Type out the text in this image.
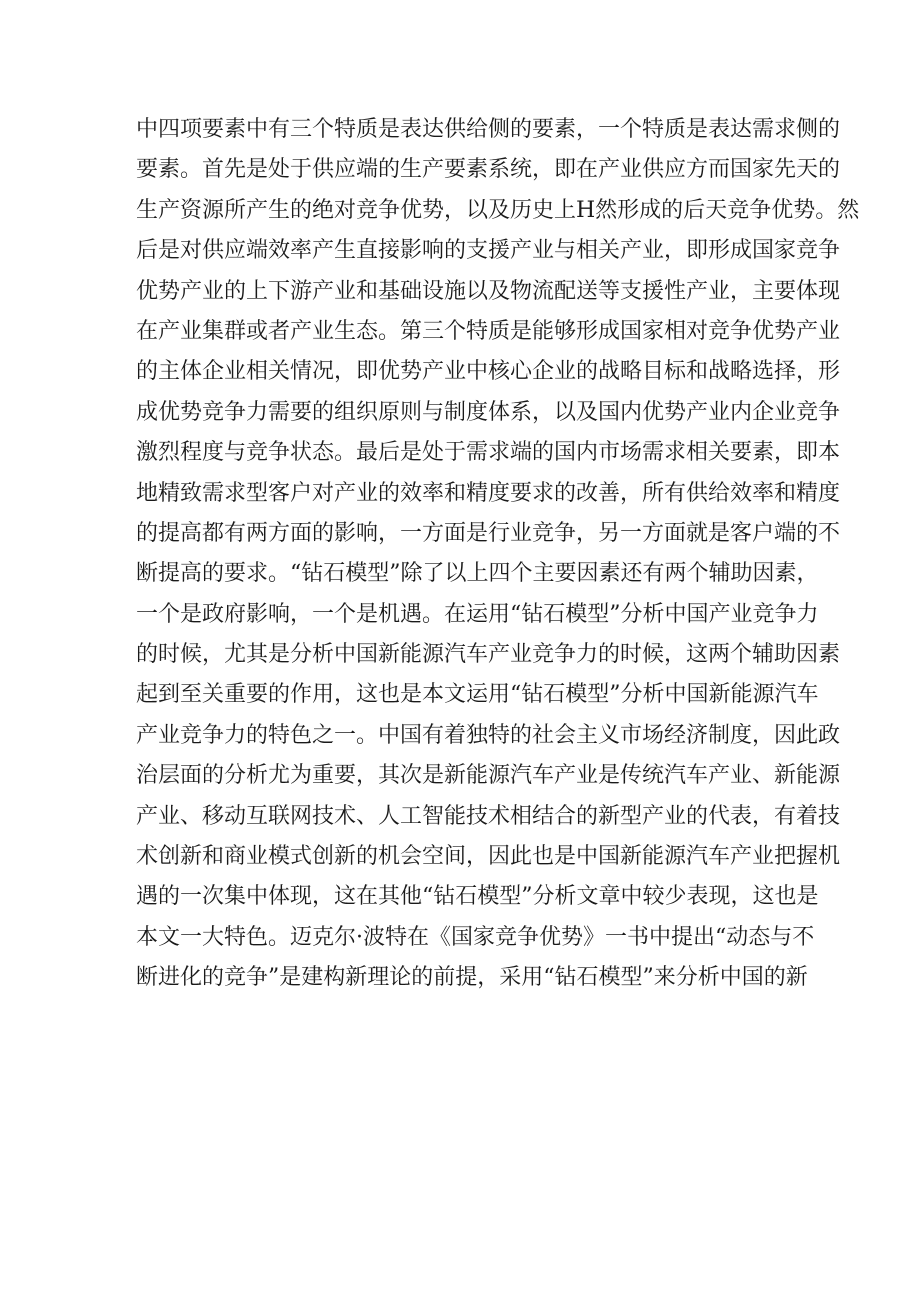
中四项要素中有三个特质是表达供给侧的要素，一个特质是表达需求侧的
要素。首先是处于供应端的生产要素系统，即在产业供应方而国家先天的
生产资源所产生的绝对竞争优势，以及历史上H然形成的后天竞争优势。然
后是对供应端效率产生直接影响的支援产业与相关产业，即形成国家竞争
优势产业的上下游产业和基础设施以及物流配送等支援性产业，主要体现
在产业集群或者产业生态。第三个特质是能够形成国家相对竞争优势产业
的主体企业相关情况，即优势产业中核心企业的战略目标和战略选择，形
成优势竞争力需要的组织原则与制度体系，以及国内优势产业内企业竞争
激烈程度与竞争状态。最后是处于需求端的国内市场需求相关要素，即本
地精致需求型客户对产业的效率和精度要求的改善，所有供给效率和精度
的提高都有两方面的影响，一方面是行业竞争，另一方面就是客户端的不
断提高的要求。“钻石模型”除了以上四个主要因素还有两个辅助因素，
一个是政府影响，一个是机遇。在运用“钻石模型”分析中国产业竞争力
的时候，尤其是分析中国新能源汽车产业竞争力的时候，这两个辅助因素
起到至关重要的作用，这也是本文运用“钻石模型”分析中国新能源汽车
产业竞争力的特色之一。中国有着独特的社会主义市场经济制度，因此政
治层面的分析尤为重要，其次是新能源汽车产业是传统汽车产业、新能源
产业、移动互联网技术、人工智能技术相结合的新型产业的代表，有着技
术创新和商业模式创新的机会空间，因此也是中国新能源汽车产业把握机
遇的一次集中体现，这在其他“钻石模型”分析文章中较少表现，这也是
本文一大特色。迈克尔·波特在《国家竞争优势》一书中提出“动态与不
断进化的竞争”是建构新理论的前提，采用“钻石模型”来分析中国的新
